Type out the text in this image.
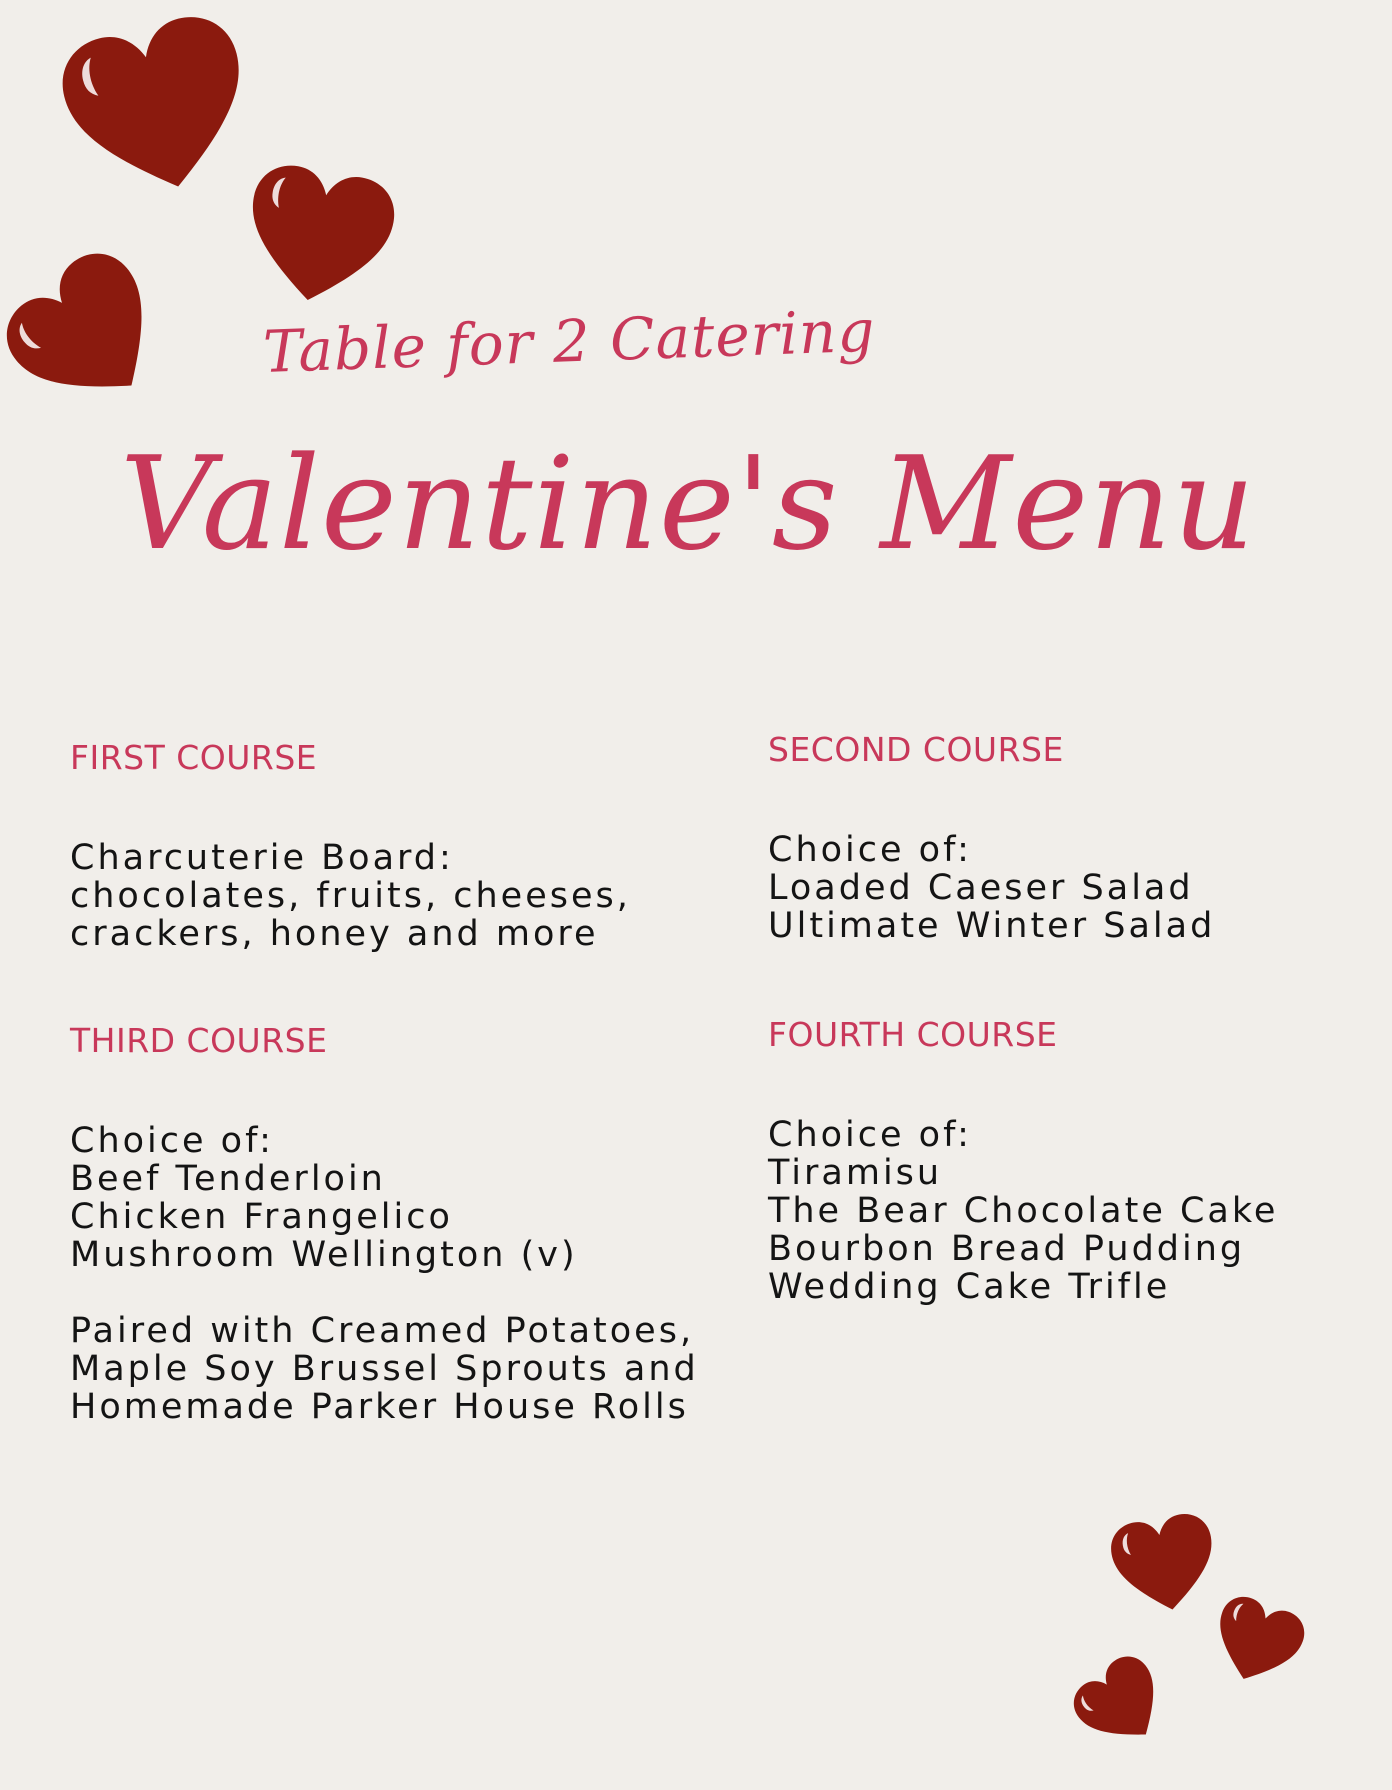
Table for 2 Catering
Valentine's Menu
FIRST COURSE
Charcuterie Board:
chocolates, fruits, cheeses,
crackers, honey and more
SECOND COURSE
Choice of:
Loaded Caeser Salad
Ultimate Winter Salad
THIRD COURSE
Choice of:
Beef Tenderloin
Chicken Frangelico
Mushroom Wellington (v)
Paired with Creamed Potatoes,
Maple Soy Brussel Sprouts and
Homemade Parker House Rolls
FOURTH COURSE
Choice of:
Tiramisu
The Bear Chocolate Cake
Bourbon Bread Pudding
Wedding Cake Trifle
